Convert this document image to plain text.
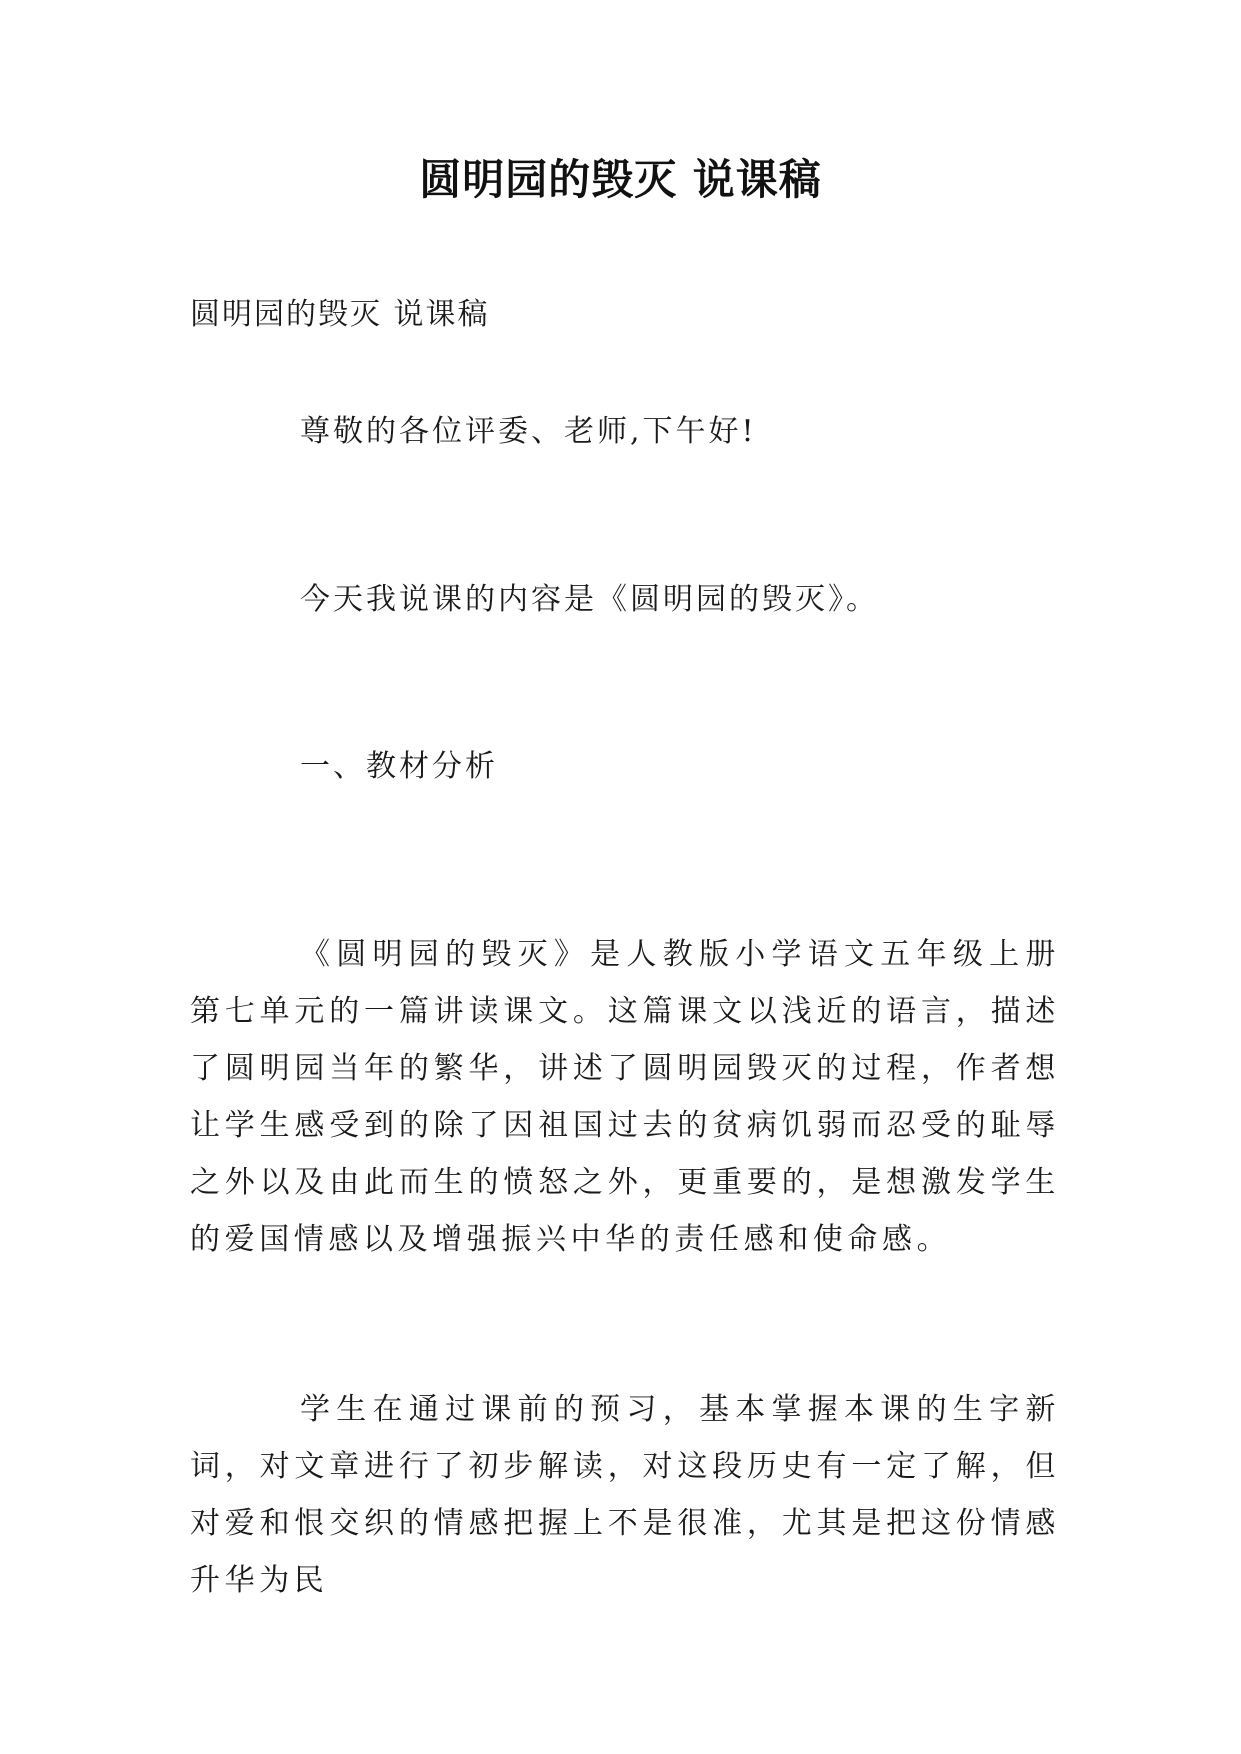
圆明园的毁灭 说课稿

圆明园的毁灭 说课稿

尊敬的各位评委、老师,下午好!

今天我说课的内容是《圆明园的毁灭》。

一、教材分析

《圆明园的毁灭》是人教版小学语文五年级上册第七单元的一篇讲读课文。这篇课文以浅近的语言，描述了圆明园当年的繁华，讲述了圆明园毁灭的过程，作者想让学生感受到的除了因祖国过去的贫病饥弱而忍受的耻辱之外以及由此而生的愤怒之外，更重要的，是想激发学生的爱国情感以及增强振兴中华的责任感和使命感。

学生在通过课前的预习，基本掌握本课的生字新词，对文章进行了初步解读，对这段历史有一定了解，但对爱和恨交织的情感把握上不是很准，尤其是把这份情感升华为民
